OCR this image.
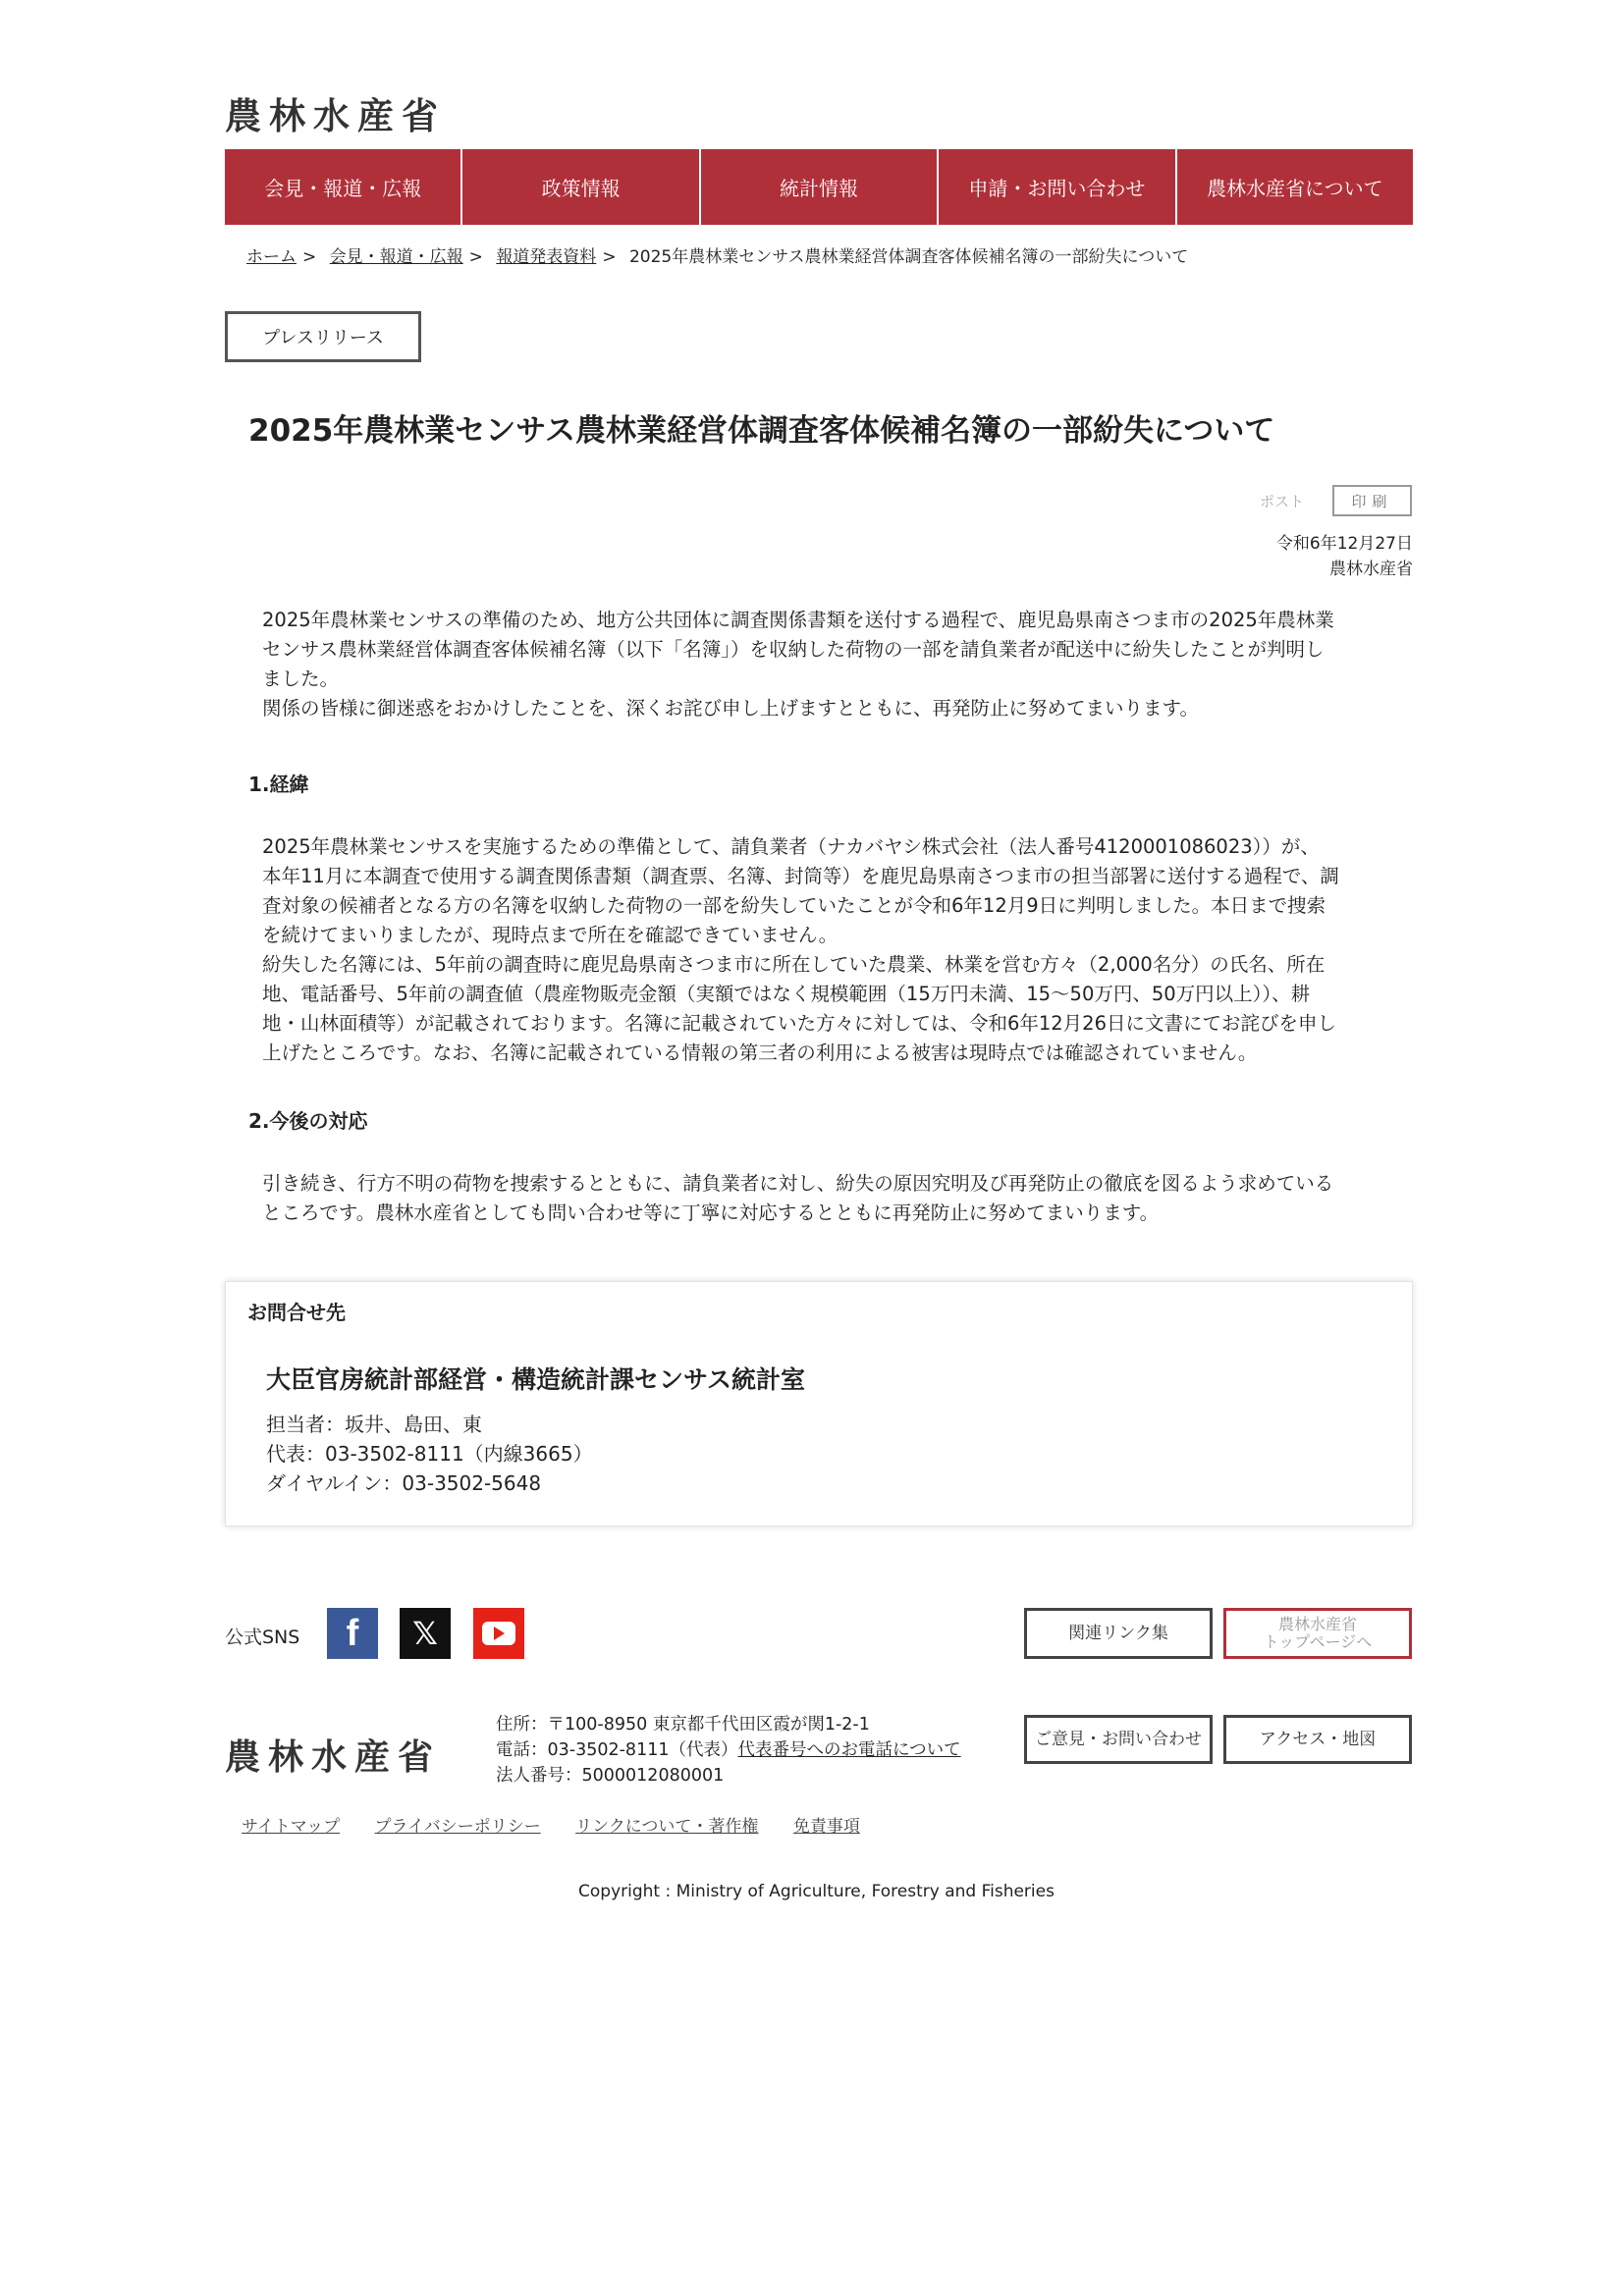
農林水産省
会見・報道・広報	政策情報	統計情報	申請・お問い合わせ	農林水産省について
ホーム > 会見・報道・広報 > 報道発表資料 > 2025年農林業センサス農林業経営体調査客体候補名簿の一部紛失について
プレスリリース
2025年農林業センサス農林業経営体調査客体候補名簿の一部紛失について
ポスト	印刷
令和6年12月27日
農林水産省

2025年農林業センサスの準備のため、地方公共団体に調査関係書類を送付する過程で、鹿児島県南さつま市の2025年農林業

センサス農林業経営体調査客体候補名簿（以下「名簿」）を収納した荷物の一部を請負業者が配送中に紛失したことが判明し

ました。

関係の皆様に御迷惑をおかけしたことを、深くお詫び申し上げますとともに、再発防止に努めてまいります。

1.経緯

2025年農林業センサスを実施するための準備として、請負業者（ナカバヤシ株式会社（法人番号4120001086023））が、

本年11月に本調査で使用する調査関係書類（調査票、名簿、封筒等）を鹿児島県南さつま市の担当部署に送付する過程で、調

査対象の候補者となる方の名簿を収納した荷物の一部を紛失していたことが令和6年12月9日に判明しました。本日まで捜索

を続けてまいりましたが、現時点まで所在を確認できていません。

紛失した名簿には、5年前の調査時に鹿児島県南さつま市に所在していた農業、林業を営む方々（2,000名分）の氏名、所在

地、電話番号、5年前の調査値（農産物販売金額（実額ではなく規模範囲（15万円未満、15～50万円、50万円以上））、耕

地・山林面積等）が記載されております。名簿に記載されていた方々に対しては、令和6年12月26日に文書にてお詫びを申し

上げたところです。なお、名簿に記載されている情報の第三者の利用による被害は現時点では確認されていません。

2.今後の対応

引き続き、行方不明の荷物を捜索するとともに、請負業者に対し、紛失の原因究明及び再発防止の徹底を図るよう求めている

ところです。農林水産省としても問い合わせ等に丁寧に対応するとともに再発防止に努めてまいります。

お問合せ先
大臣官房統計部経営・構造統計課センサス統計室
担当者：坂井、島田、東
代表：03-3502-8111（内線3665）
ダイヤルイン：03-3502-5648
公式SNS	f	𝕏	関連リンク集	農林水産省
トップページへ
ご意見・お問い合わせ	アクセス・地図
農林水産省
住所：〒100-8950 東京都千代田区霞が関1-2-1
電話：03-3502-8111（代表）代表番号へのお電話について
法人番号：5000012080001
サイトマップ プライバシーポリシー リンクについて・著作権 免責事項
Copyright : Ministry of Agriculture, Forestry and Fisheries
